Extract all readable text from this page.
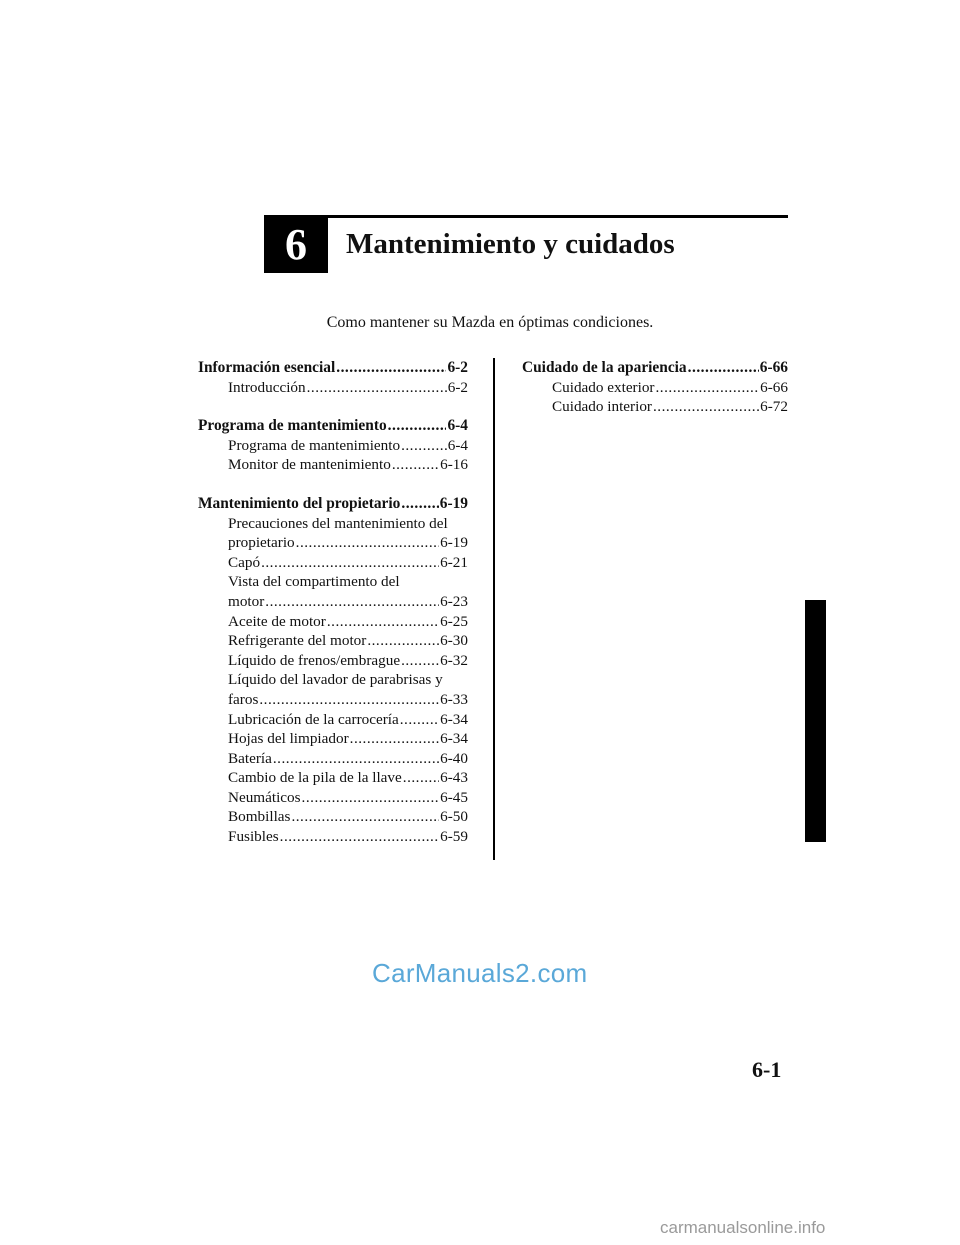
6 Mantenimiento y cuidados
Como mantener su Mazda en óptimas condiciones.
Información esencial .....	6-2
Introducción .....	6-2
Programa de mantenimiento .....	6-4
Programa de mantenimiento .....	6-4
Monitor de mantenimiento .....	6-16
Mantenimiento del propietario .....	6-19
Precauciones del mantenimiento del
propietario .....	6-19
Capó .....	6-21
Vista del compartimento del
motor .....	6-23
Aceite de motor .....	6-25
Refrigerante del motor .....	6-30
Líquido de frenos/embrague .....	6-32
Líquido del lavador de parabrisas y
faros .....	6-33
Lubricación de la carrocería .....	6-34
Hojas del limpiador .....	6-34
Batería .....	6-40
Cambio de la pila de la llave .....	6-43
Neumáticos .....	6-45
Bombillas .....	6-50
Fusibles .....	6-59
Cuidado de la apariencia .....	6-66
Cuidado exterior .....	6-66
Cuidado interior .....	6-72
CarManuals2.com
6-1
carmanualsonline.info
